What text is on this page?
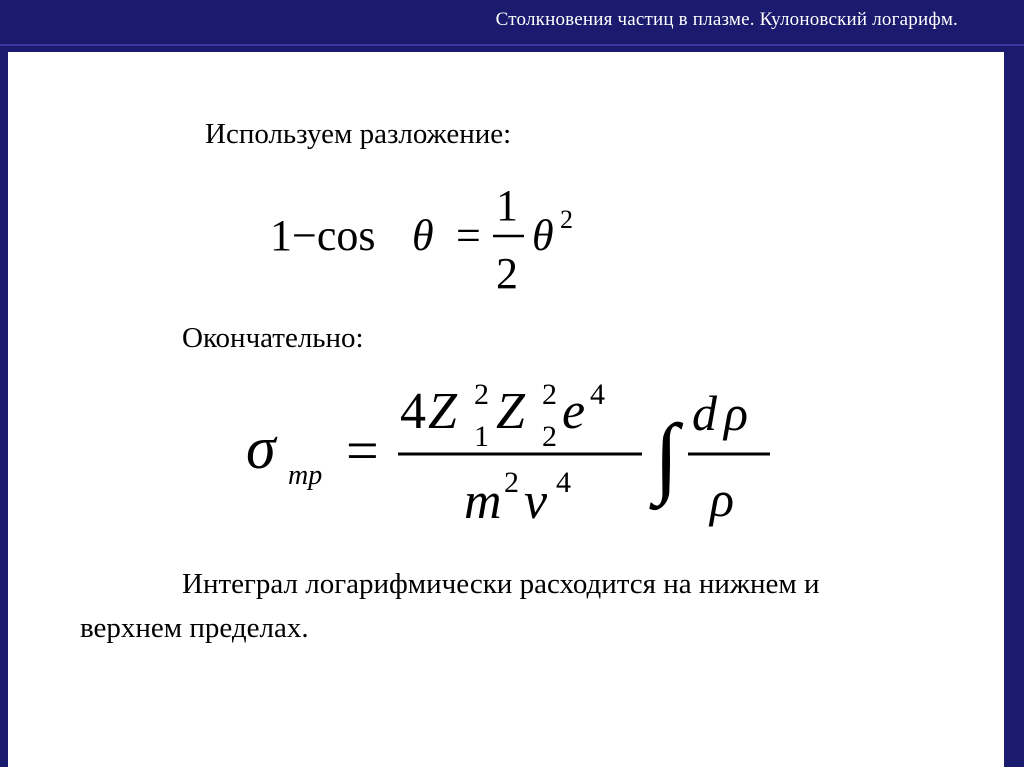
Столкновения частиц в плазме. Кулоновский логарифм.
Используем разложение:
1−cos θ =
1
2
θ 2
Окончательно:
σ тр =
4 Z 2
1 Z 2
2 e 4
m 2 v 4 ∫ d ρ
ρ
Интеграл логарифмически расходится на нижнем и
верхнем пределах.
